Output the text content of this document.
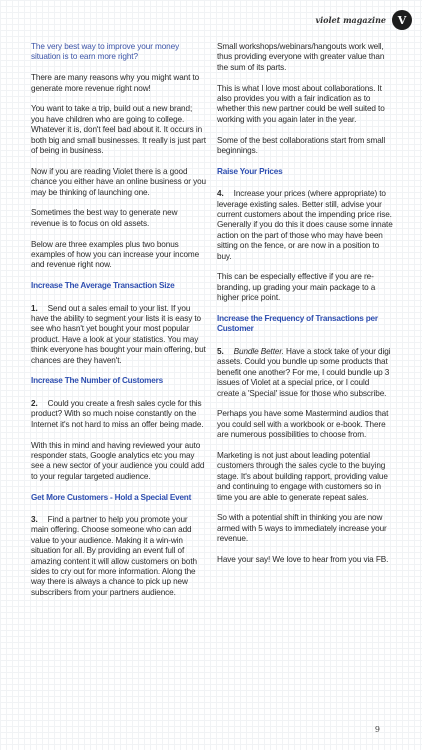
violet magazine	V

The very best way to improve your money situation is to earn more right?

There are many reasons why you might want to generate more revenue right now!

You want to take a trip, build out a new brand; you have children who are going to college. Whatever it is, don't feel bad about it. It occurs in both big and small businesses. It really is just part of being in business.

Now if you are reading Violet there is a good chance you either have an online business or you may be thinking of launching one.

Sometimes the best way to generate new revenue is to focus on old assets.

Below are three examples plus two bonus examples of how you can increase your income and revenue right now.

Increase The Average Transaction Size

1. Send out a sales email to your list. If you have the ability to segment your lists it is easy to see who hasn't yet bought your most popular product. Have a look at your statistics. You may think everyone has bought your main offering, but chances are they haven't.

Increase The Number of Customers

2. Could you create a fresh sales cycle for this product? With so much noise constantly on the Internet it's not hard to miss an offer being made.

With this in mind and having reviewed your auto responder stats, Google analytics etc you may see a new sector of your audience you could add to your regular targeted audience.

Get More Customers - Hold a Special Event

3. Find a partner to help you promote your main offering. Choose someone who can add value to your audience. Making it a win-win situation for all. By providing an event full of amazing content it will allow customers on both sides to cry out for more information. Along the way there is always a chance to pick up new subscribers from your partners audience.

Small workshops/webinars/hangouts work well, thus providing everyone with greater value than the sum of its parts.

This is what I love most about collaborations. It also provides you with a fair indication as to whether this new partner could be well suited to working with you again later in the year.

Some of the best collaborations start from small beginnings.

Raise Your Prices

4. Increase your prices (where appropriate) to leverage existing sales. Better still, advise your current customers about the impending price rise. Generally if you do this it does cause some innate action on the part of those who may have been sitting on the fence, or are now in a position to buy.

This can be especially effective if you are re-branding, up grading your main package to a higher price point.

Increase the Frequency of Transactions per Customer

5. Bundle Better. Have a stock take of your digi assets. Could you bundle up some products that benefit one another? For me, I could bundle up 3 issues of Violet at a special price, or I could create a 'Special' issue for those who subscribe.

Perhaps you have some Mastermind audios that you could sell with a workbook or e-book. There are numerous possibilities to choose from.

Marketing is not just about leading potential customers through the sales cycle to the buying stage. It's about building rapport, providing value and continuing to engage with customers so in time you are able to generate repeat sales.

So with a potential shift in thinking you are now armed with 5 ways to immediately increase your revenue.

Have your say! We love to hear from you via FB.

9
